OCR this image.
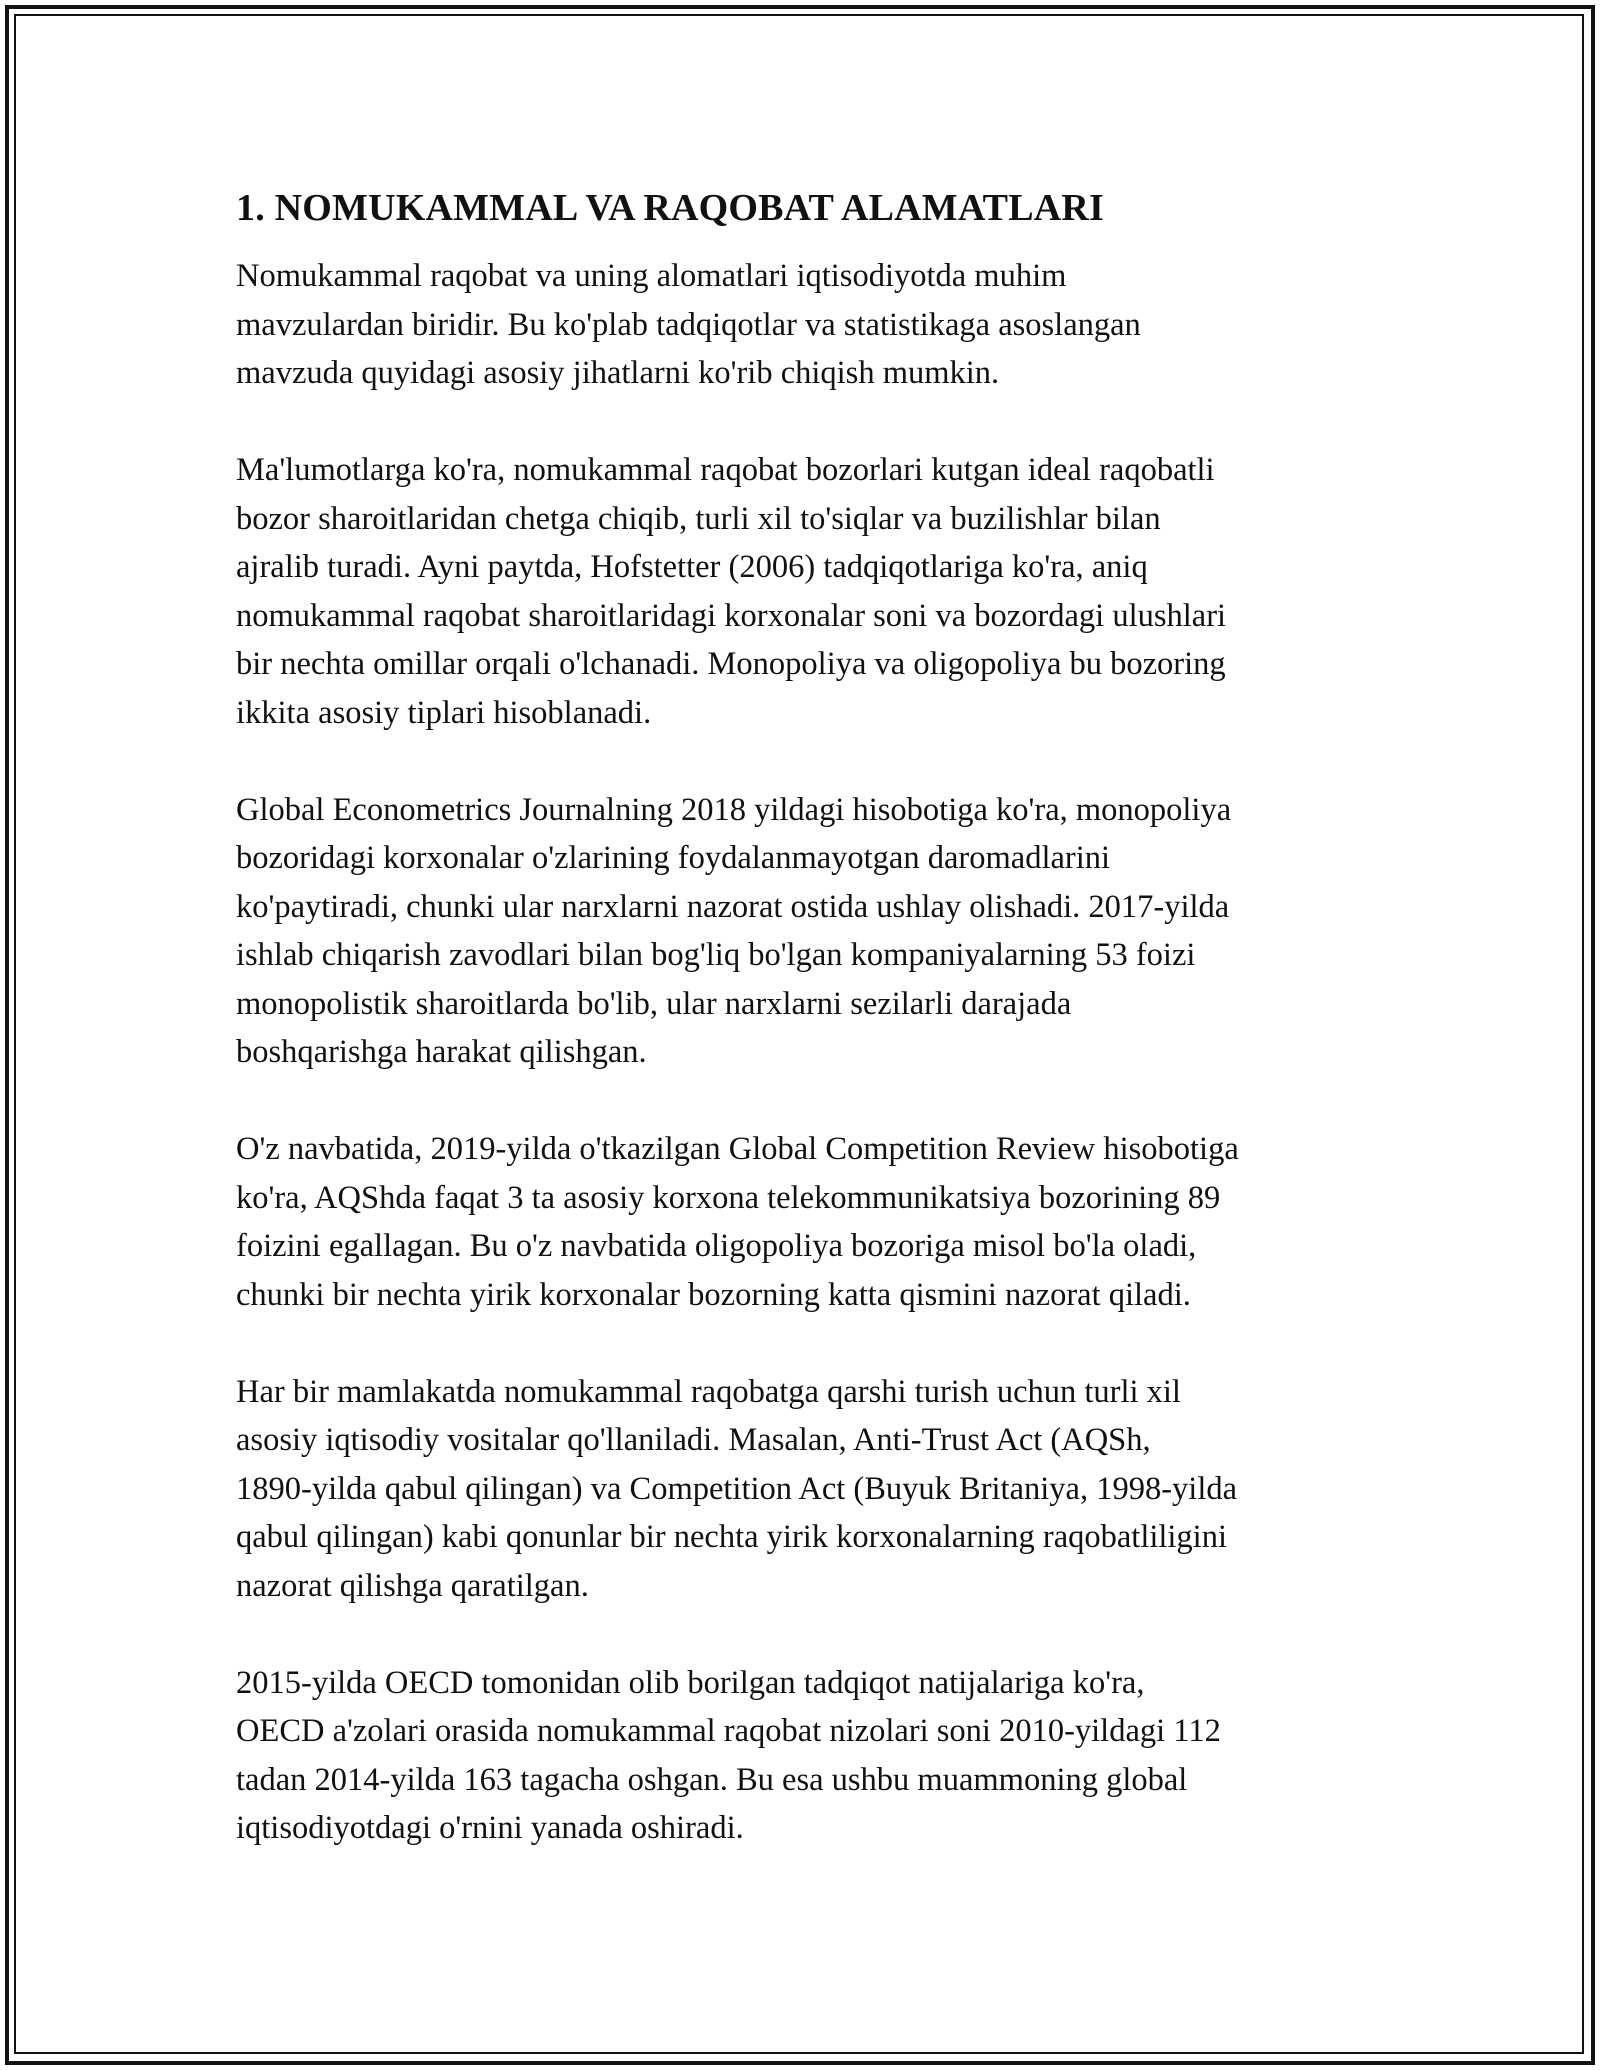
1. NOMUKAMMAL VA RAQOBAT ALAMATLARI

Nomukammal raqobat va uning alomatlari iqtisodiyotda muhim
mavzulardan biridir. Bu ko'plab tadqiqotlar va statistikaga asoslangan
mavzuda quyidagi asosiy jihatlarni ko'rib chiqish mumkin.

Ma'lumotlarga ko'ra, nomukammal raqobat bozorlari kutgan ideal raqobatli
bozor sharoitlaridan chetga chiqib, turli xil to'siqlar va buzilishlar bilan
ajralib turadi. Ayni paytda, Hofstetter (2006) tadqiqotlariga ko'ra, aniq
nomukammal raqobat sharoitlaridagi korxonalar soni va bozordagi ulushlari
bir nechta omillar orqali o'lchanadi. Monopoliya va oligopoliya bu bozoring
ikkita asosiy tiplari hisoblanadi.

Global Econometrics Journalning 2018 yildagi hisobotiga ko'ra, monopoliya
bozoridagi korxonalar o'zlarining foydalanmayotgan daromadlarini
ko'paytiradi, chunki ular narxlarni nazorat ostida ushlay olishadi. 2017-yilda
ishlab chiqarish zavodlari bilan bog'liq bo'lgan kompaniyalarning 53 foizi
monopolistik sharoitlarda bo'lib, ular narxlarni sezilarli darajada
boshqarishga harakat qilishgan.

O'z navbatida, 2019-yilda o'tkazilgan Global Competition Review hisobotiga
ko'ra, AQShda faqat 3 ta asosiy korxona telekommunikatsiya bozorining 89
foizini egallagan. Bu o'z navbatida oligopoliya bozoriga misol bo'la oladi,
chunki bir nechta yirik korxonalar bozorning katta qismini nazorat qiladi.

Har bir mamlakatda nomukammal raqobatga qarshi turish uchun turli xil
asosiy iqtisodiy vositalar qo'llaniladi. Masalan, Anti-Trust Act (AQSh,
1890-yilda qabul qilingan) va Competition Act (Buyuk Britaniya, 1998-yilda
qabul qilingan) kabi qonunlar bir nechta yirik korxonalarning raqobatliligini
nazorat qilishga qaratilgan.

2015-yilda OECD tomonidan olib borilgan tadqiqot natijalariga ko'ra,
OECD a'zolari orasida nomukammal raqobat nizolari soni 2010-yildagi 112
tadan 2014-yilda 163 tagacha oshgan. Bu esa ushbu muammoning global
iqtisodiyotdagi o'rnini yanada oshiradi.
